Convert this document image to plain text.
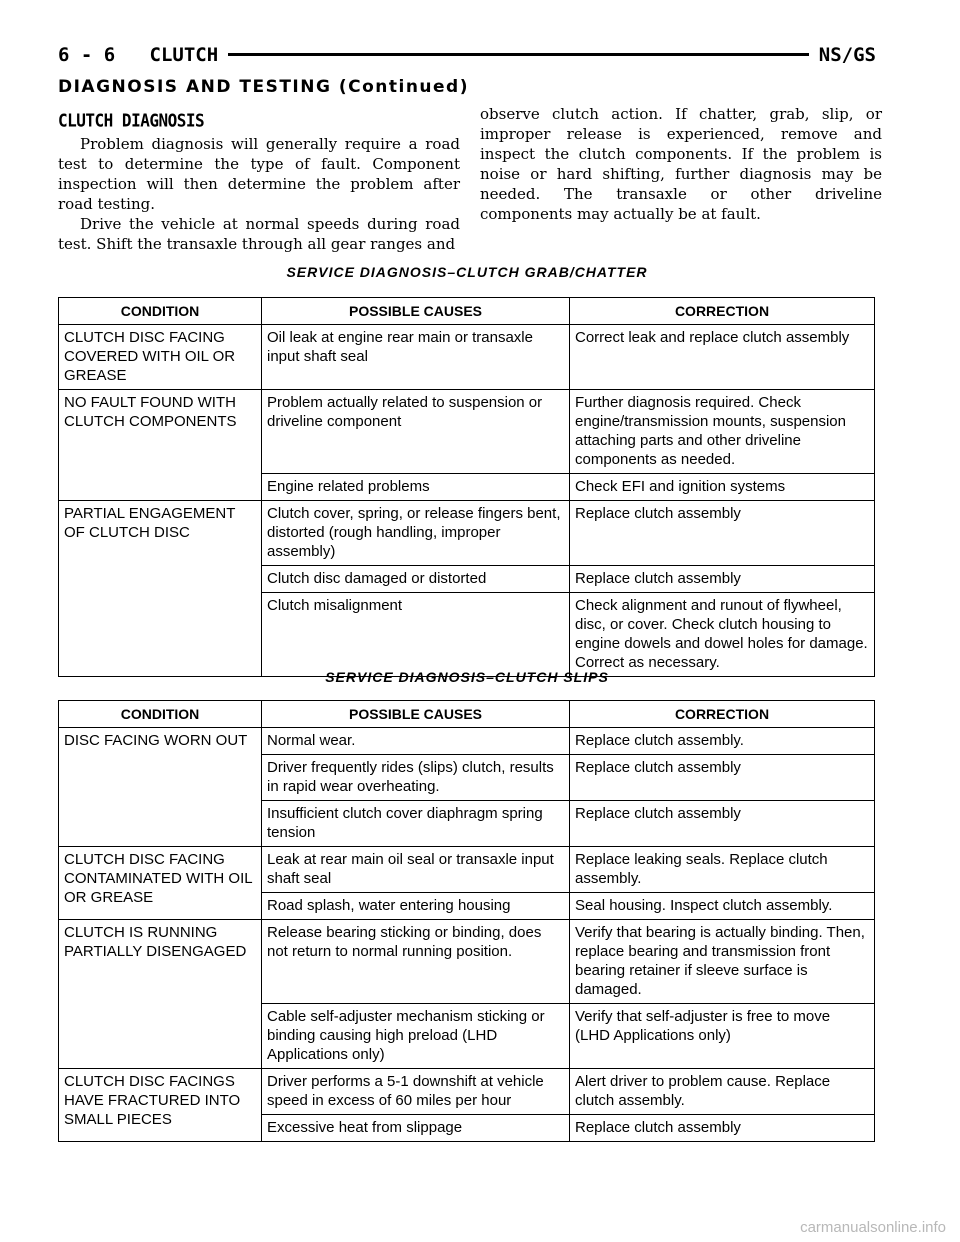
6 - 6   CLUTCH	NS/GS
DIAGNOSIS AND TESTING (Continued)
CLUTCH DIAGNOSIS

Problem diagnosis will generally require a road test to determine the type of fault. Component inspection will then determine the problem after road testing.

Drive the vehicle at normal speeds during road test. Shift the transaxle through all gear ranges and

observe clutch action. If chatter, grab, slip, or improper release is experienced, remove and inspect the clutch components. If the problem is noise or hard shifting, further diagnosis may be needed. The transaxle or other driveline components may actually be at fault.

SERVICE DIAGNOSIS–CLUTCH GRAB/CHATTER
CONDITION	POSSIBLE CAUSES	CORRECTION
CLUTCH DISC FACING COVERED WITH OIL OR GREASE	Oil leak at engine rear main or transaxle input shaft seal	Correct leak and replace clutch assembly
NO FAULT FOUND WITH CLUTCH COMPONENTS	Problem actually related to suspension or driveline component	Further diagnosis required. Check engine/transmission mounts, suspension attaching parts and other driveline components as needed.
	Engine related problems	Check EFI and ignition systems
PARTIAL ENGAGEMENT OF CLUTCH DISC	Clutch cover, spring, or release fingers bent, distorted (rough handling, improper assembly)	Replace clutch assembly
	Clutch disc damaged or distorted	Replace clutch assembly
	Clutch misalignment	Check alignment and runout of flywheel, disc, or cover. Check clutch housing to engine dowels and dowel holes for damage. Correct as necessary.
SERVICE DIAGNOSIS–CLUTCH SLIPS
CONDITION	POSSIBLE CAUSES	CORRECTION
DISC FACING WORN OUT	Normal wear.	Replace clutch assembly.
	Driver frequently rides (slips) clutch, results in rapid wear overheating.	Replace clutch assembly
	Insufficient clutch cover diaphragm spring tension	Replace clutch assembly
CLUTCH DISC FACING CONTAMINATED WITH OIL OR GREASE	Leak at rear main oil seal or transaxle input shaft seal	Replace leaking seals. Replace clutch assembly.
	Road splash, water entering housing	Seal housing. Inspect clutch assembly.
CLUTCH IS RUNNING PARTIALLY DISENGAGED	Release bearing sticking or binding, does not return to normal running position.	Verify that bearing is actually binding. Then, replace bearing and transmission front bearing retainer if sleeve surface is damaged.
	Cable self-adjuster mechanism sticking or binding causing high preload (LHD Applications only)	Verify that self-adjuster is free to move (LHD Applications only)
CLUTCH DISC FACINGS HAVE FRACTURED INTO SMALL PIECES	Driver performs a 5-1 downshift at vehicle speed in excess of 60 miles per hour	Alert driver to problem cause. Replace clutch assembly.
	Excessive heat from slippage	Replace clutch assembly
carmanualsonline.info
